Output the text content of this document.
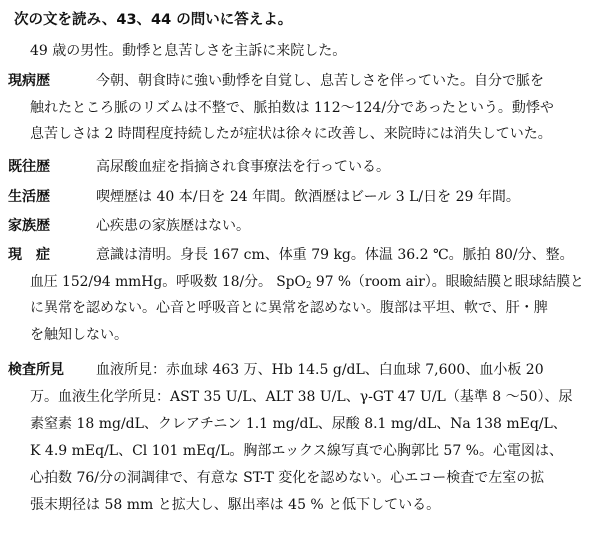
次の文を読み、43、44 の問いに答えよ。
49 歳の男性。動悸と息苦しさを主訴に来院した。
現病歴	今朝、朝食時に強い動悸を自覚し、息苦しさを伴っていた。自分で脈を
触れたところ脈のリズムは不整で、脈拍数は 112～124/分であったという。動悸や
息苦しさは 2 時間程度持続したが症状は徐々に改善し、来院時には消失していた。
既往歴	高尿酸血症を指摘され食事療法を行っている。
生活歴	喫煙歴は 40 本/日を 24 年間。飲酒歴はビール 3 L/日を 29 年間。
家族歴	心疾患の家族歴はない。
現　症	意識は清明。身長 167 cm、体重 79 kg。体温 36.2 ℃。脈拍 80/分、整。
血圧 152/94 mmHg。呼吸数 18/分。 SpO$_2$ 97 %（room air）。眼瞼結膜と眼球結膜と
に異常を認めない。心音と呼吸音とに異常を認めない。腹部は平坦、軟で、肝・脾
を触知しない。
検査所見 血液所見：赤血球 463 万、Hb 14.5 g/dL、白血球 7,600、血小板 20
万。血液生化学所見：AST 35 U/L、ALT 38 U/L、γ-GT 47 U/L（基準 8 ～50）、尿
素窒素 18 mg/dL、クレアチニン 1.1 mg/dL、尿酸 8.1 mg/dL、Na 138 mEq/L、
K 4.9 mEq/L、Cl 101 mEq/L。胸部エックス線写真で心胸郭比 57 %。心電図は、
心拍数 76/分の洞調律で、有意な ST-T 変化を認めない。心エコー検査で左室の拡
張末期径は 58 mm と拡大し、駆出率は 45 % と低下している。
